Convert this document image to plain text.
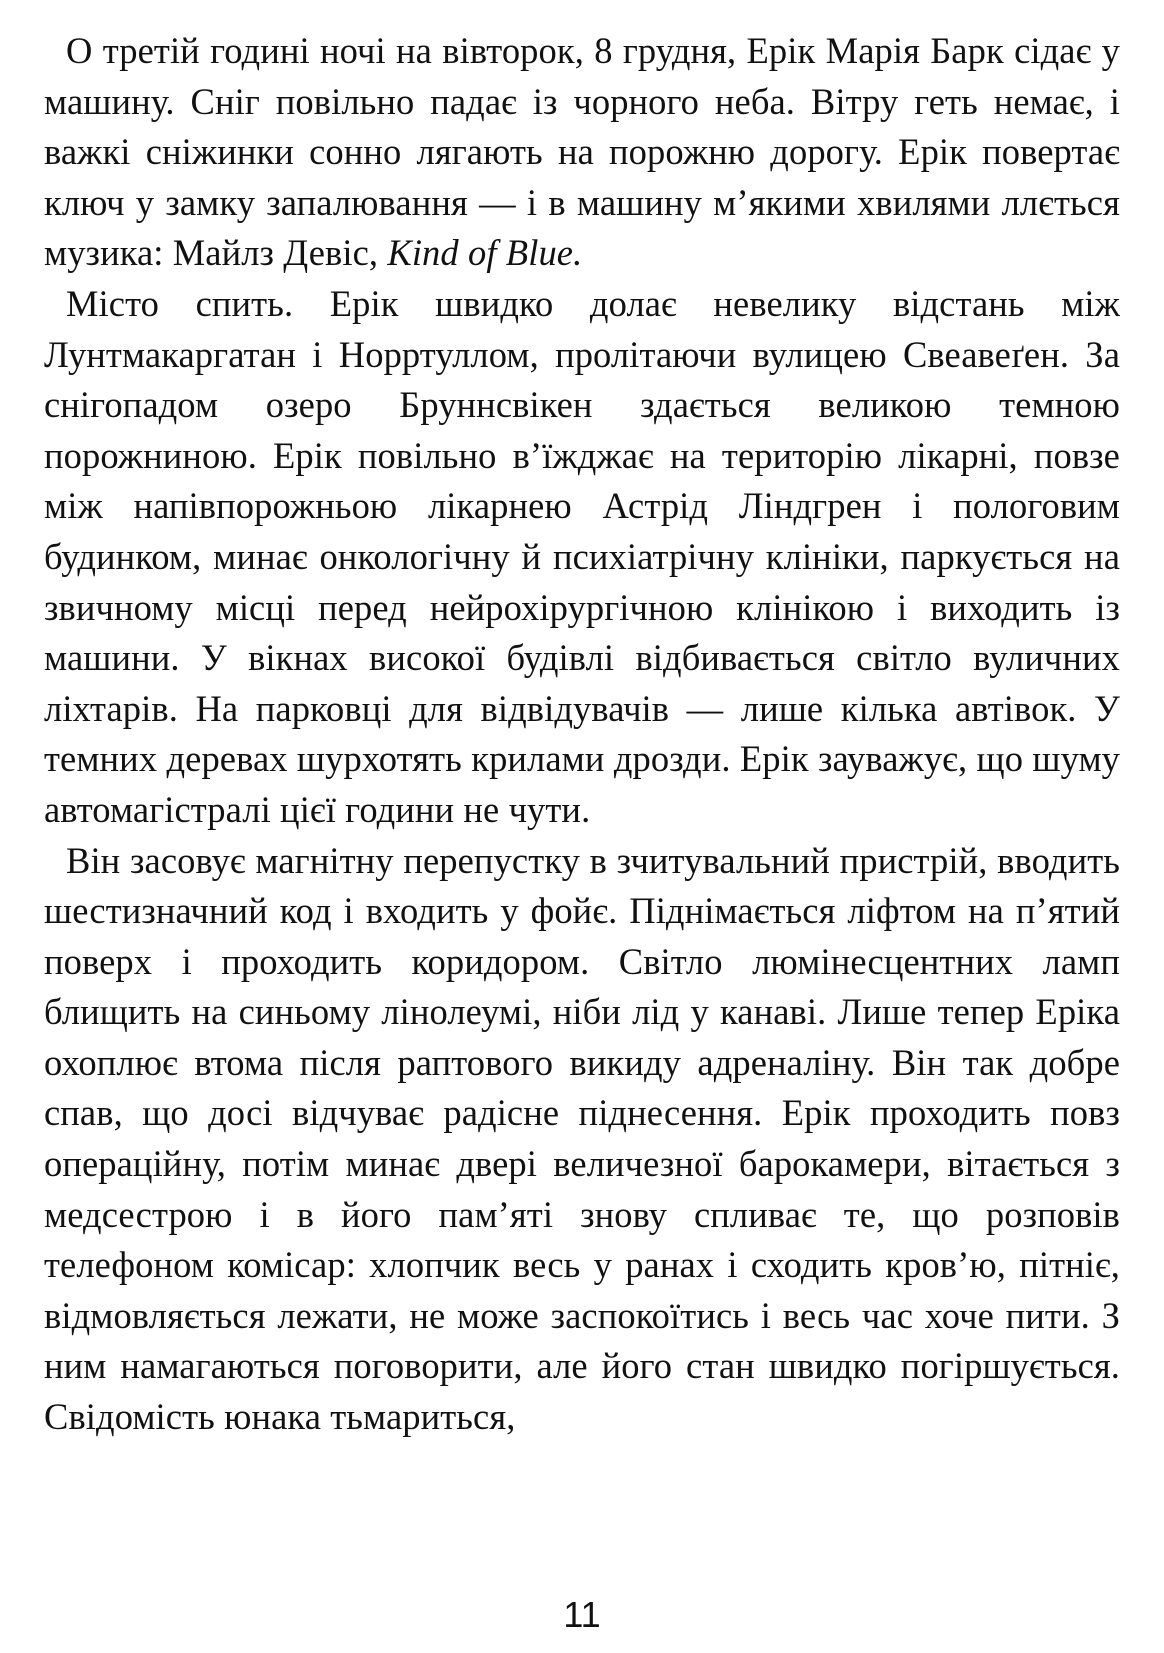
О третій годині ночі на вівторок, 8 грудня, Ерік Марія Барк сідає у машину. Сніг повільно падає із чорного неба. Вітру геть немає, і важкі сніжинки сонно лягають на порожню дорогу. Ерік повертає ключ у замку запалювання — і в машину м’якими хвилями ллється музика: Майлз Девіс, Kind of Blue.

Місто спить. Ерік швидко долає невелику відстань між Лунтмакаргатан і Норртуллом, пролітаючи вулицею Свеавеґен. За снігопадом озеро Бруннсвікен здається великою темною порожниною. Ерік повільно в’їжджає на територію лікарні, повзе між напівпорожньою лікарнею Астрід Ліндгрен і пологовим будинком, минає онкологічну й психіатрічну клініки, паркується на звичному місці перед нейрохірургічною клінікою і виходить із машини. У вікнах високої будівлі відбивається світло вуличних ліхтарів. На парковці для відвідувачів — лише кілька автівок. У темних деревах шурхотять крилами дрозди. Ерік зауважує, що шуму автомагістралі цієї години не чути.

Він засовує магнітну перепустку в зчитувальний пристрій, вводить шестизначний код і входить у фойє. Піднімається ліфтом на п’ятий поверх і проходить коридором. Світло люмінесцентних ламп блищить на синьому лінолеумі, ніби лід у канаві. Лише тепер Еріка охоплює втома після раптового викиду адреналіну. Він так добре спав, що досі відчуває радісне піднесення. Ерік проходить повз операційну, потім минає двері величезної барокамери, вітається з медсестрою і в його пам’яті знову спливає те, що розповів телефоном комісар: хлопчик весь у ранах і сходить кров’ю, пітніє, відмовляється лежати, не може заспокоїтись і весь час хоче пити. З ним намагаються поговорити, але його стан швидко погіршується. Свідомість юнака тьмариться,

11
